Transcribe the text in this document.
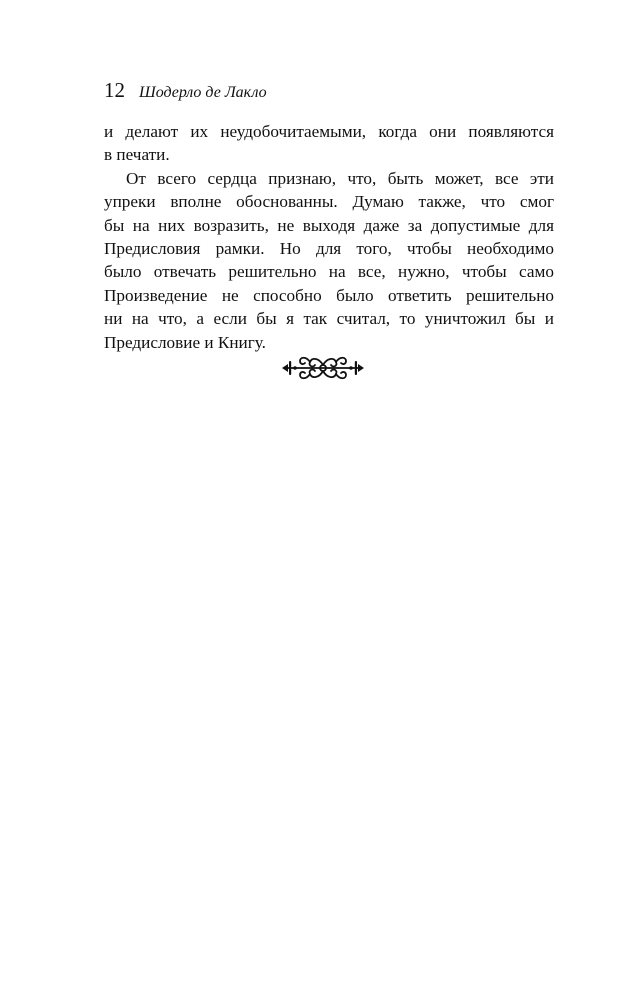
12 Шодерло де Лакло
и делают их неудобочитаемыми, когда они появляются
в печати.
От всего сердца признаю, что, быть может, все эти
упреки вполне обоснованны. Думаю также, что смог
бы на них возразить, не выходя даже за допустимые для
Предисловия рамки. Но для того, чтобы необходимо
было отвечать решительно на все, нужно, чтобы само
Произведение не способно было ответить решительно
ни на что, а если бы я так считал, то уничтожил бы и
Предисловие и Книгу.
